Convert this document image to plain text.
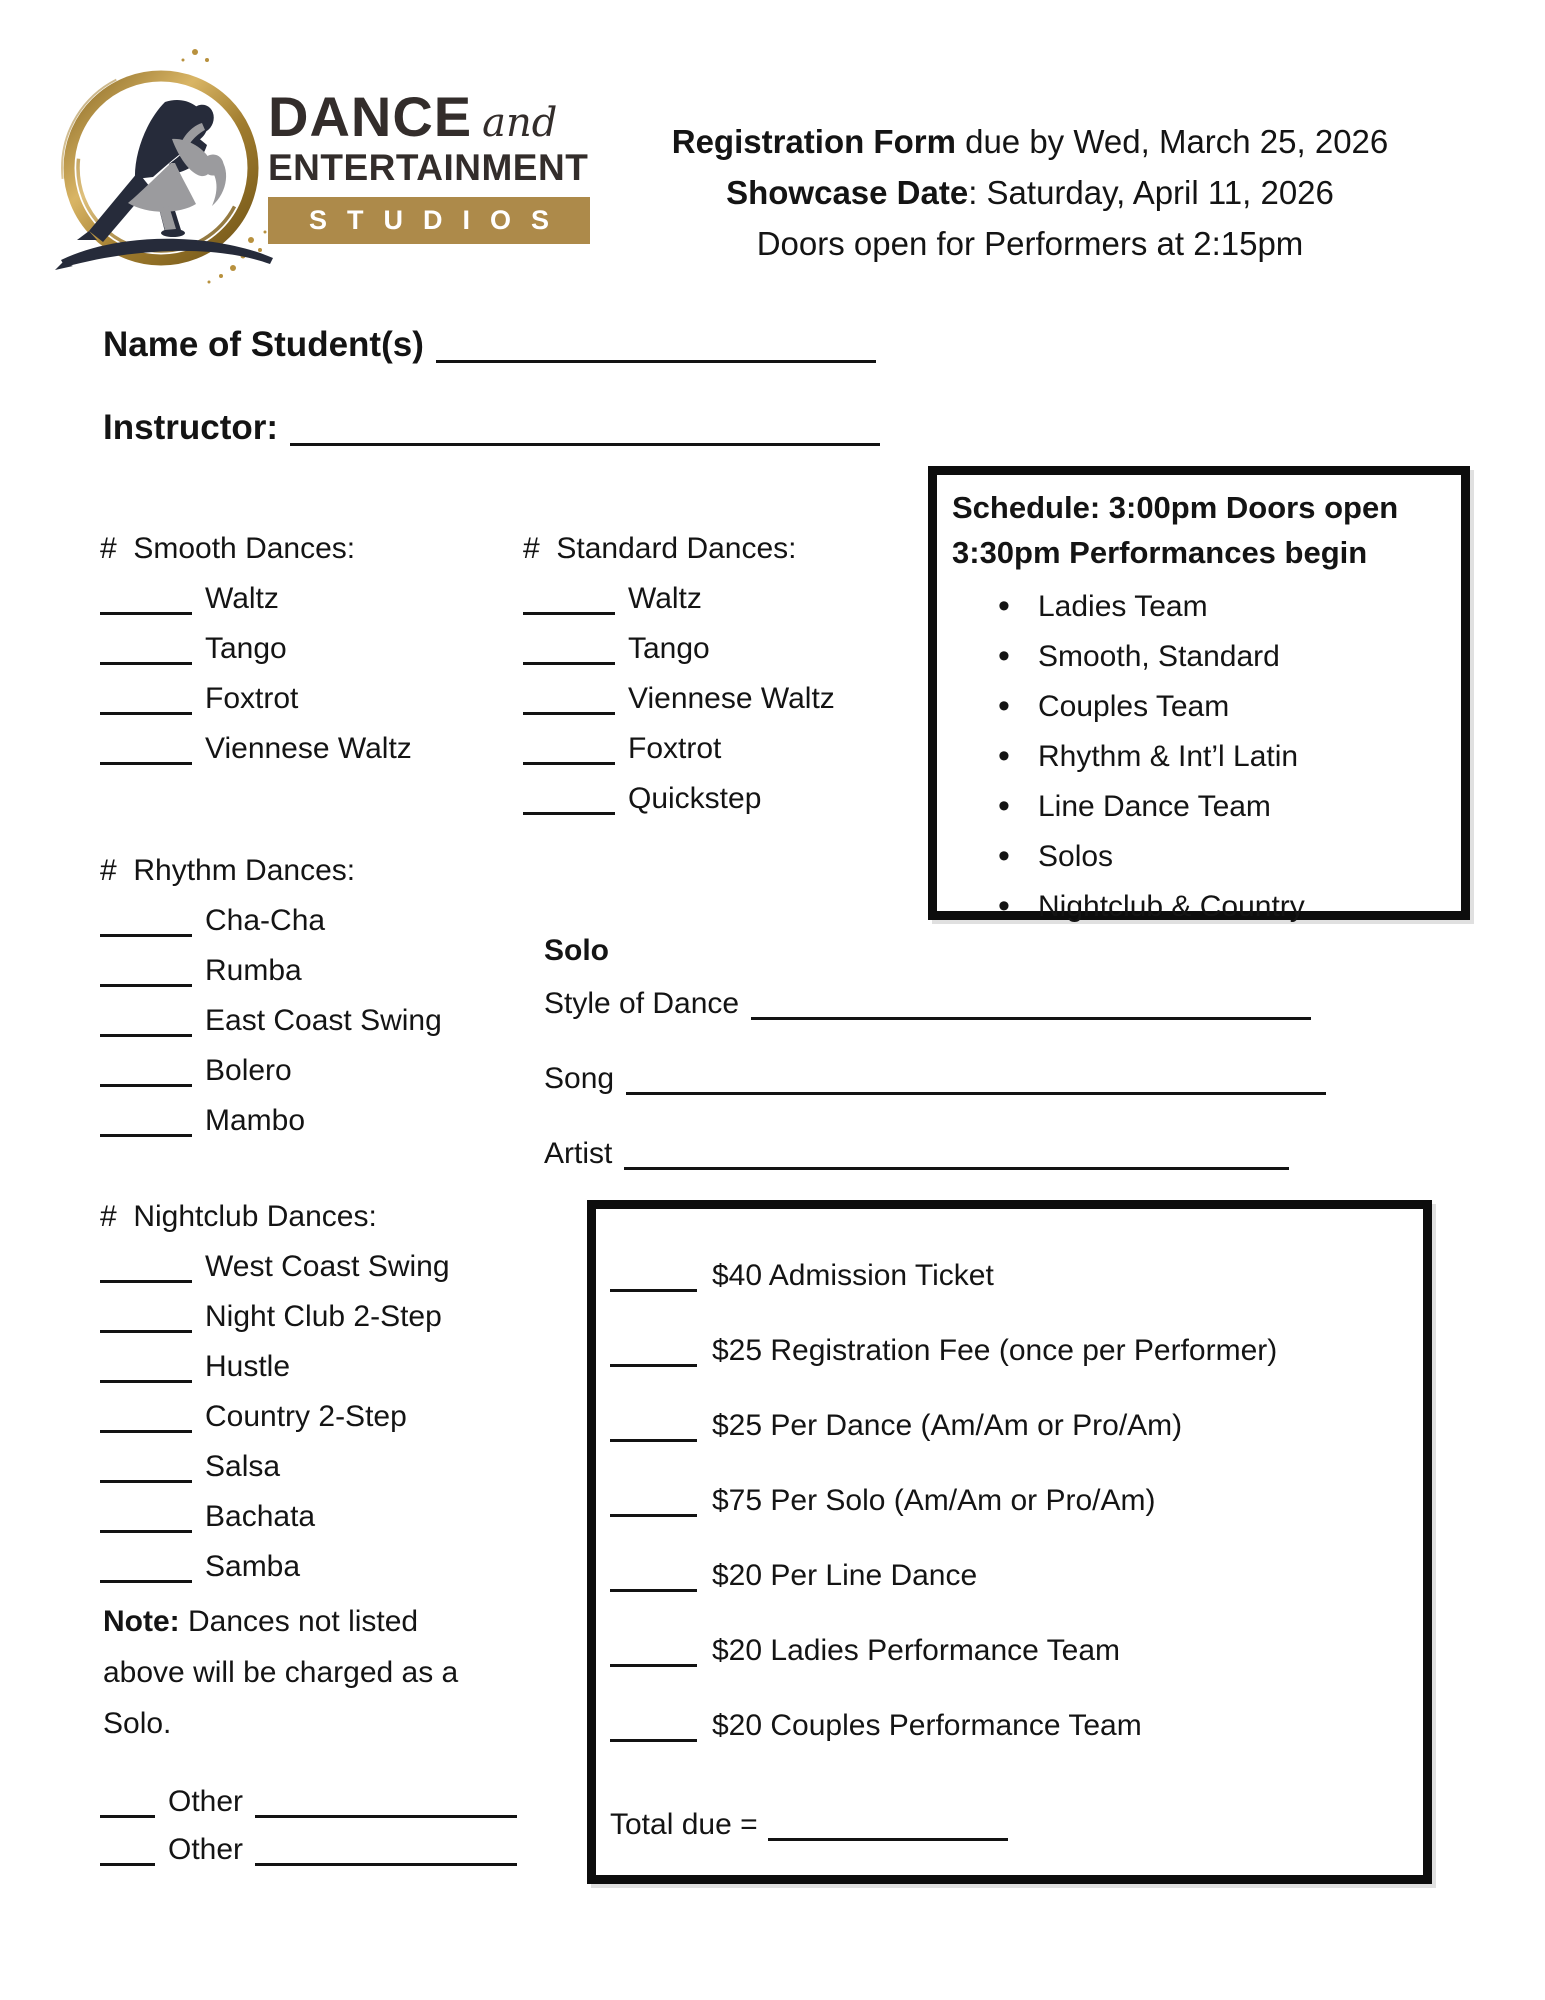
DANCE and
ENTERTAINMENT
STUDIOS
Registration Form due by Wed, March 25, 2026
Showcase Date: Saturday, April 11, 2026
Doors open for Performers at 2:15pm
Name of Student(s)
Instructor:
#  Smooth Dances:
Waltz
Tango
Foxtrot
Viennese Waltz
#  Standard Dances:
Waltz
Tango
Viennese Waltz
Foxtrot
Quickstep
Schedule: 3:00pm Doors open
3:30pm Performances begin
• Ladies Team
• Smooth, Standard
• Couples Team
• Rhythm & Int’l Latin
• Line Dance Team
• Solos
• Nightclub & Country
#  Rhythm Dances:
Cha-Cha
Rumba
East Coast Swing
Bolero
Mambo
Solo
Style of Dance
Song
Artist
#  Nightclub Dances:
West Coast Swing
Night Club 2-Step
Hustle
Country 2-Step
Salsa
Bachata
Samba
$40 Admission Ticket
$25 Registration Fee (once per Performer)
$25 Per Dance (Am/Am or Pro/Am)
$75 Per Solo (Am/Am or Pro/Am)
$20 Per Line Dance
$20 Ladies Performance Team
$20 Couples Performance Team
Total due =
Note: Dances not listed
above will be charged as a
Solo.
Other
Other
